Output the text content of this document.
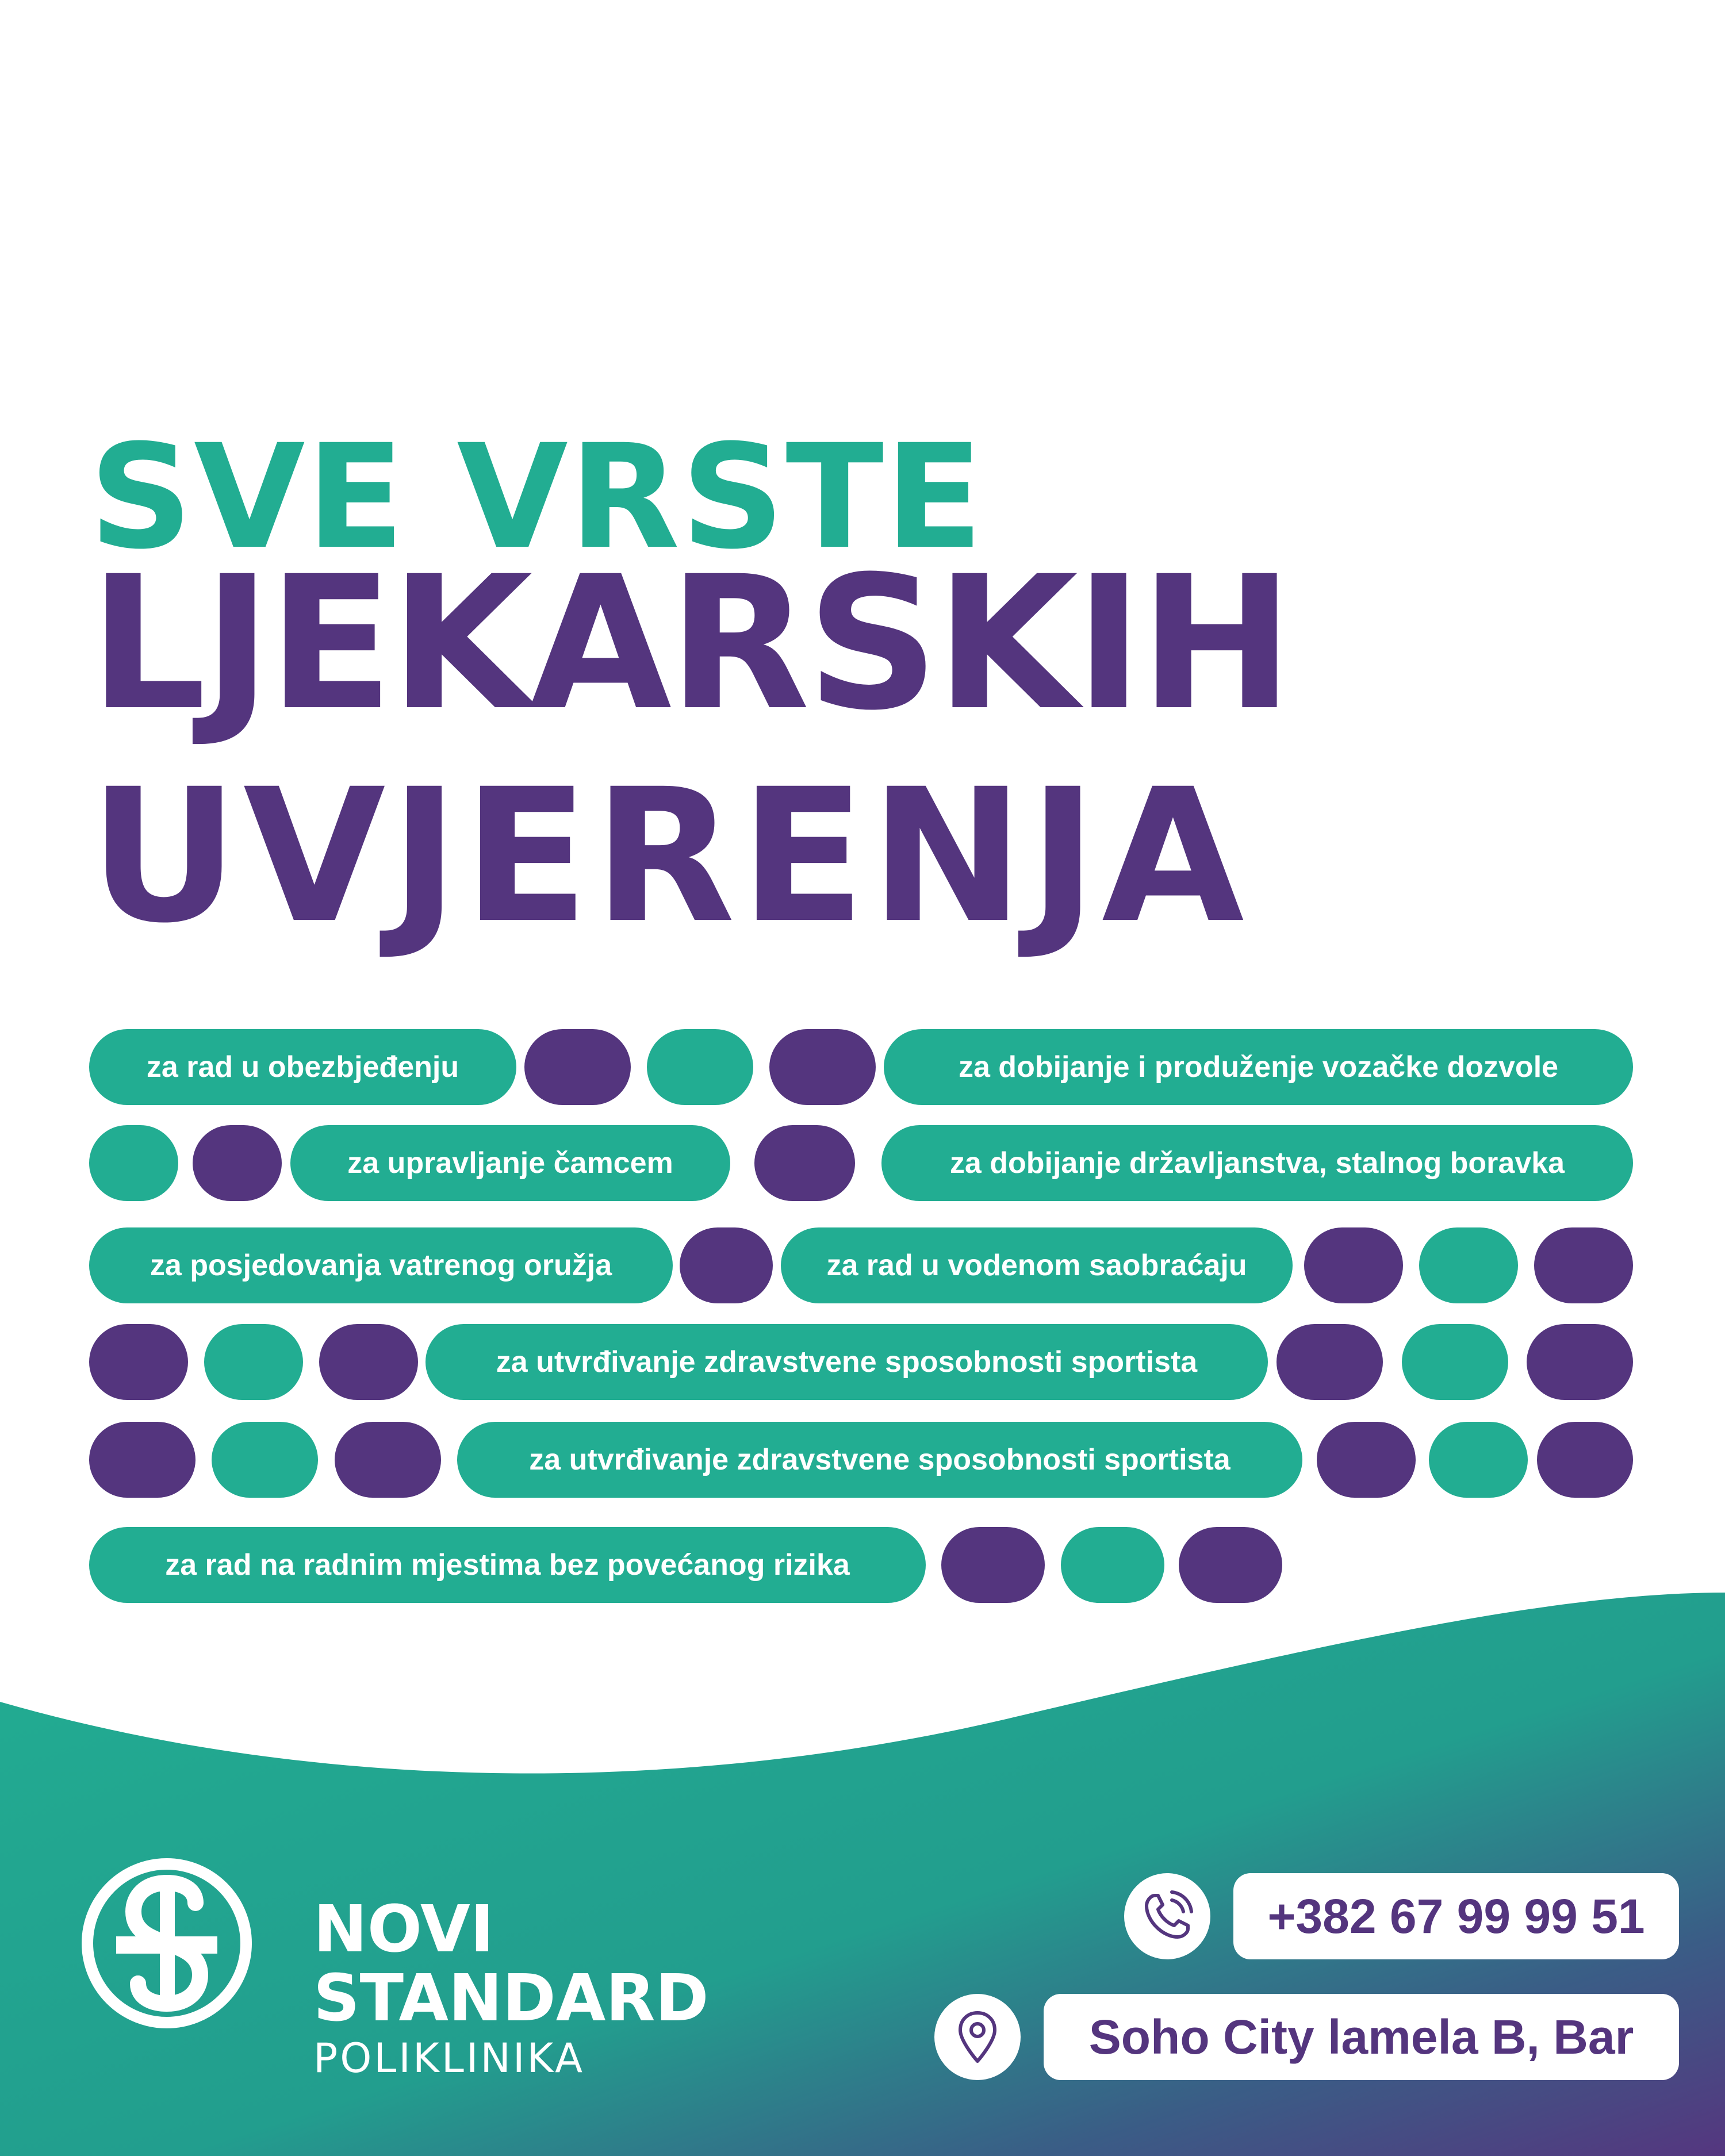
SVE VRSTE
LJEKARSKIH
UVJERENJA
za rad u obezbjeđenju	za dobijanje i produženje vozačke dozvole
za upravljanje čamcem	za dobijanje državljanstva, stalnog boravka
za posjedovanja vatrenog oružja	za rad u vodenom saobraćaju
za utvrđivanje zdravstvene sposobnosti sportista
za utvrđivanje zdravstvene sposobnosti sportista
za rad na radnim mjestima bez povećanog rizika
NOVI
STANDARD
POLIKLINIKA
+382 67 99 99 51
Soho City lamela B, Bar
